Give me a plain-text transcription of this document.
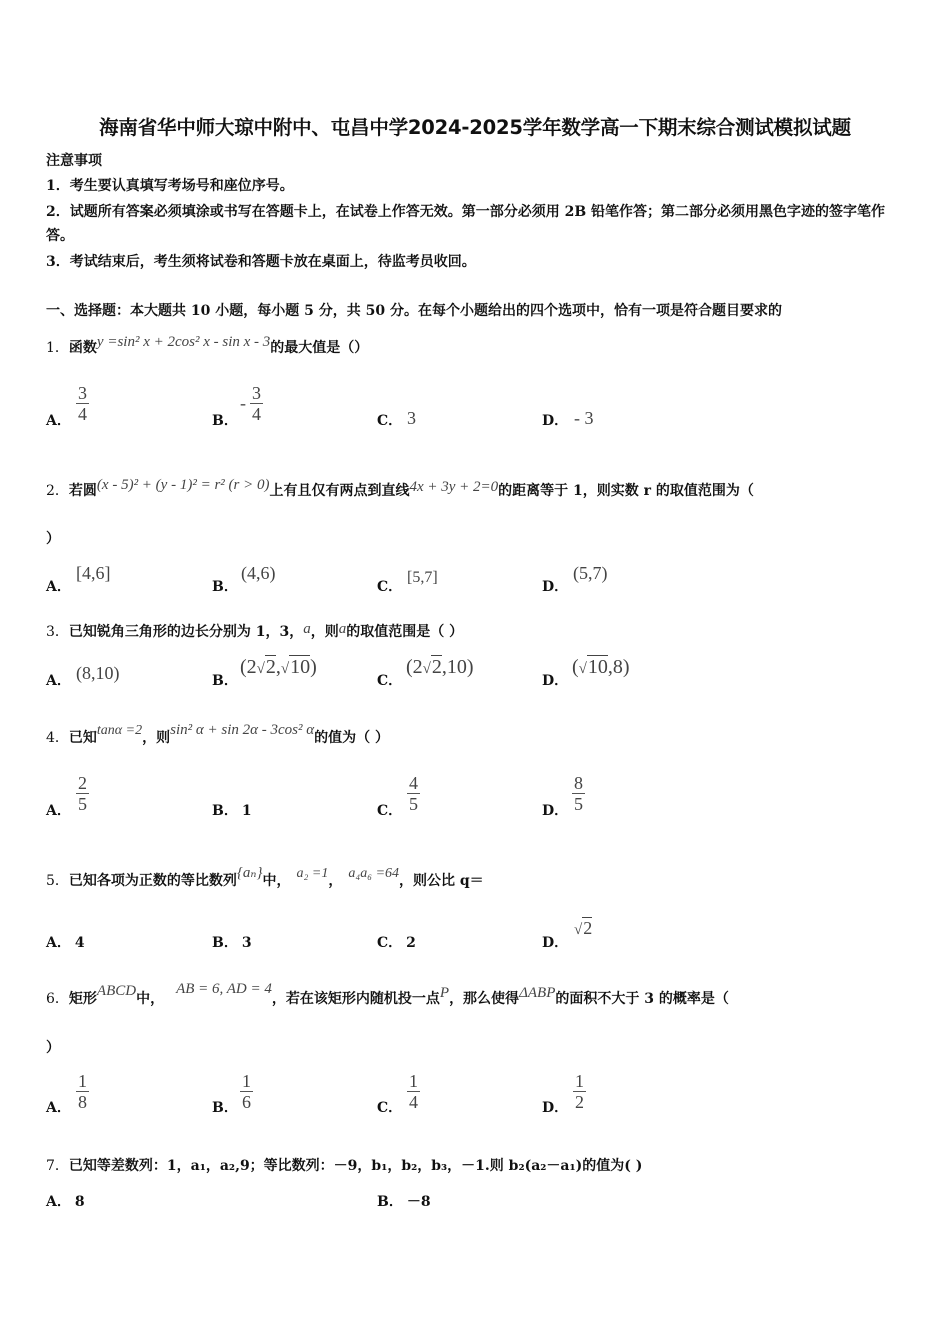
海南省华中师大琼中附中、屯昌中学2024-2025学年数学高一下期末综合测试模拟试题
注意事项
1．考生要认真填写考场号和座位序号。
2．试题所有答案必须填涂或书写在答题卡上，在试卷上作答无效。第一部分必须用 2B 铅笔作答；第二部分必须用黑色字迹的签字笔作答。
3．考试结束后，考生须将试卷和答题卡放在桌面上，待监考员收回。
一、选择题：本大题共 10 小题，每小题 5 分，共 50 分。在每个小题给出的四个选项中，恰有一项是符合题目要求的
1．函数y =sin² x + 2cos² x - sin x - 3的最大值是（）
A． $\frac{3}{4}$	B．
- $\frac{3}{4}$	C． 3	D． - 3
2．若圆(x - 5)² + (y - 1)² = r² (r > 0)上有且仅有两点到直线4x + 3y + 2=0的距离等于 1，则实数 r 的取值范围为（
）
A．
[4,6]
B．
(4,6)
C．
[5,7]
D．
(5,7)
3．已知锐角三角形的边长分别为 1，3，a，则a的取值范围是（ ）
A． (8,10)	B．
(2√2,√10)
C．
(2√2,10)
D．
(√10,8)
4．已知tanα =2，则sin² α + sin 2α - 3cos² α的值为（ ）
A． $\frac{2}{5}$	B． 1	C． $\frac{4}{5}$	D． $\frac{8}{5}$
5．已知各项为正数的等比数列{aₙ}中， a₂ =1， a₄a₆ =64，则公比 q＝
A． 4	B． 3	C． 2	D．
√2
6．矩形ABCD中，AB = 6, AD = 4，若在该矩形内随机投一点P，那么使得ΔABP的面积不大于 3 的概率是（
）
A． $\frac{1}{8}$	B． $\frac{1}{6}$	C． $\frac{1}{4}$	D． $\frac{1}{2}$
7．已知等差数列：1，a₁，a₂,9；等比数列：－9，b₁，b₂，b₃，－1.则 b₂(a₂－a₁)的值为( )
A． 8	B． －8
